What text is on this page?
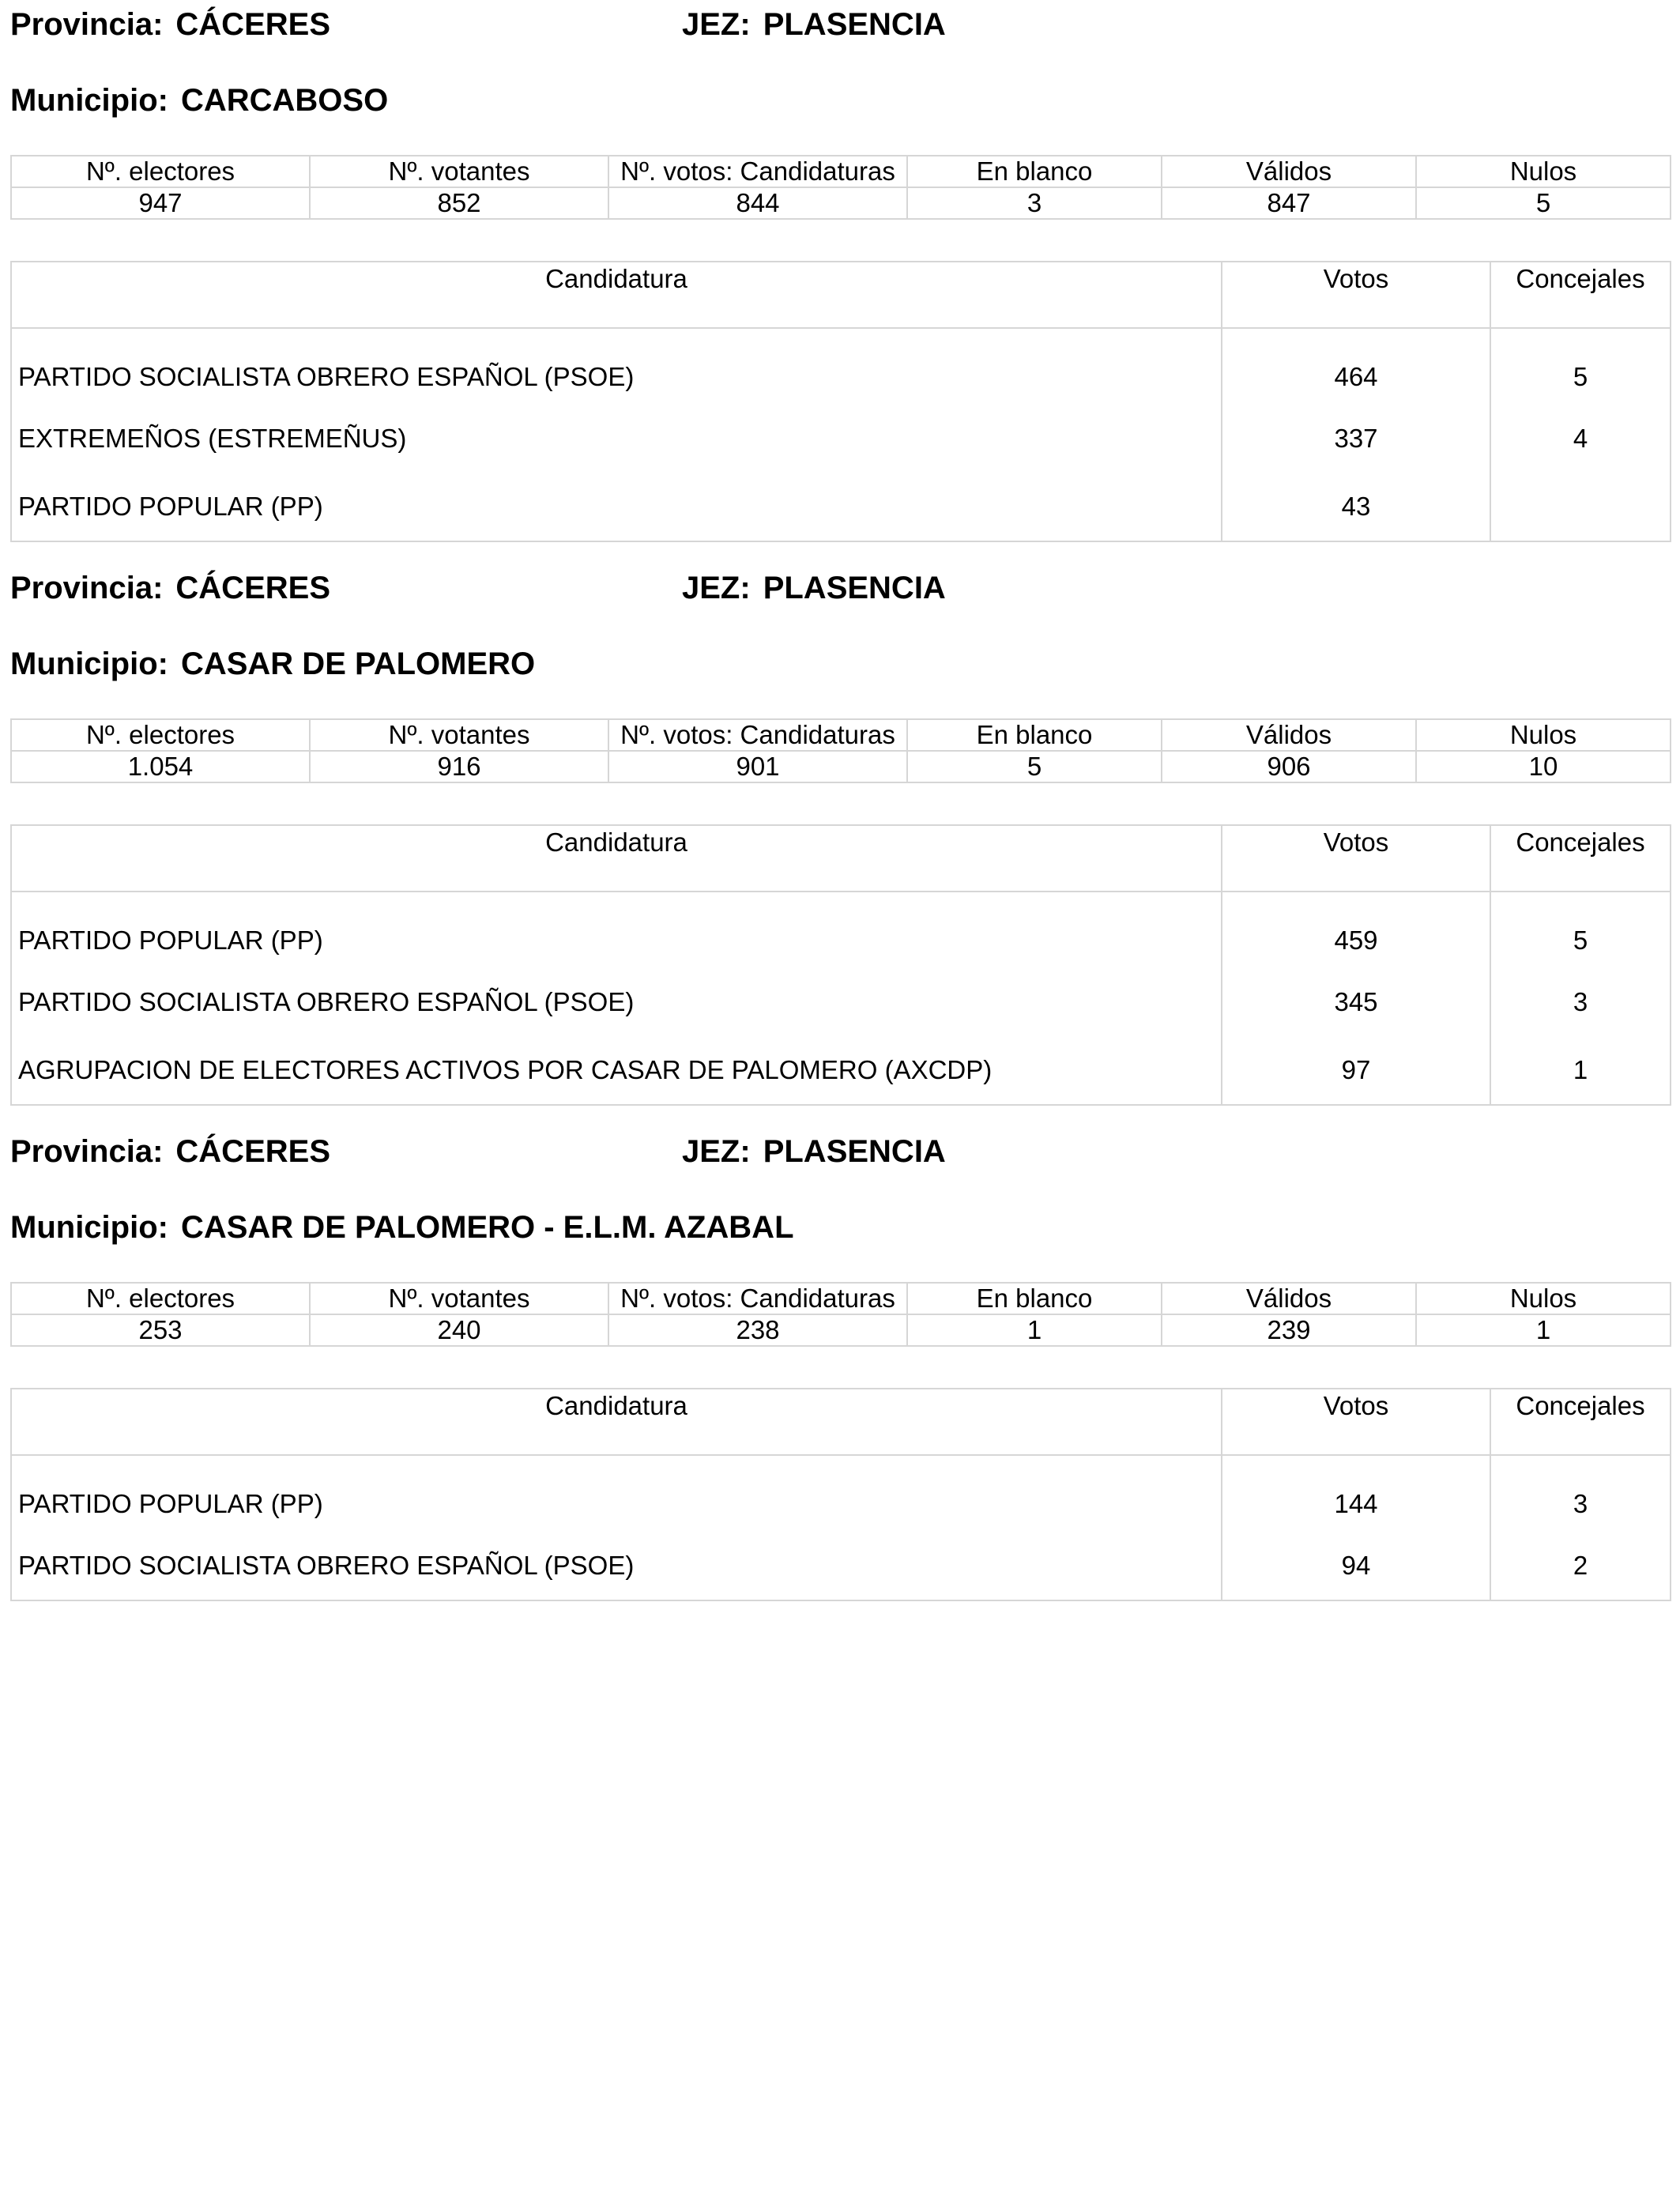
Provincia: CÁCERES	JEZ: PLASENCIA
Municipio: CARCABOSO
Nº. electores	Nº. votantes	Nº. votos: Candidaturas	En blanco	Válidos	Nulos
947	852	844	3	847	5
Candidatura	Votos	Concejales
PARTIDO SOCIALISTA OBRERO ESPAÑOL (PSOE)	464	5
EXTREMEÑOS (ESTREMEÑUS)	337	4
PARTIDO POPULAR (PP)	43	
Provincia: CÁCERES	JEZ: PLASENCIA
Municipio: CASAR DE PALOMERO
Nº. electores	Nº. votantes	Nº. votos: Candidaturas	En blanco	Válidos	Nulos
1.054	916	901	5	906	10
Candidatura	Votos	Concejales
PARTIDO POPULAR (PP)	459	5
PARTIDO SOCIALISTA OBRERO ESPAÑOL (PSOE)	345	3
AGRUPACION DE ELECTORES ACTIVOS POR CASAR DE PALOMERO (AXCDP)	97	1
Provincia: CÁCERES	JEZ: PLASENCIA
Municipio: CASAR DE PALOMERO - E.L.M. AZABAL
Nº. electores	Nº. votantes	Nº. votos: Candidaturas	En blanco	Válidos	Nulos
253	240	238	1	239	1
Candidatura	Votos	Concejales
PARTIDO POPULAR (PP)	144	3
PARTIDO SOCIALISTA OBRERO ESPAÑOL (PSOE)	94	2
